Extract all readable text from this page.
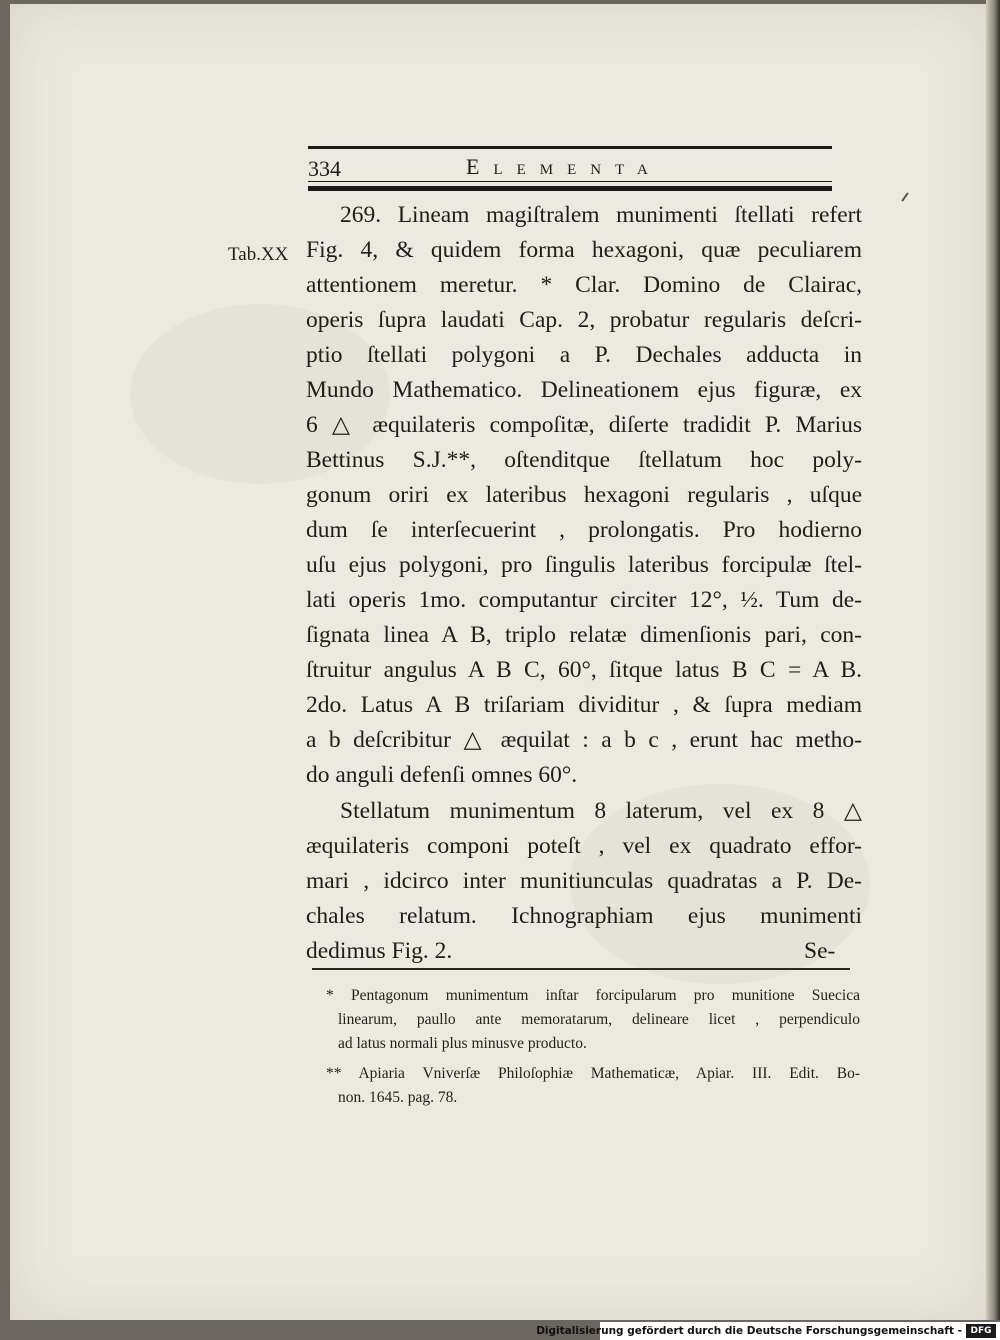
334	Elementa
Tab.XX
269. Lineam magiſtralem munimenti ſtellati refert
Fig. 4, & quidem forma hexagoni, quæ peculiarem
attentionem meretur. * Clar. Domino de Clairac,
operis ſupra laudati Cap. 2, probatur regularis deſcri-
ptio ſtellati polygoni a P. Dechales adducta in
Mundo Mathematico. Delineationem ejus figuræ, ex
6 △ æquilateris compoſitæ, diſerte tradidit P. Marius
Bettinus S.J.**, oſtenditque ſtellatum hoc poly-
gonum oriri ex lateribus hexagoni regularis , uſque
dum ſe interſecuerint , prolongatis. Pro hodierno
uſu ejus polygoni, pro ſingulis lateribus forcipulæ ſtel-
lati operis 1mo. computantur circiter 12°, ½. Tum de-
ſignata linea A B, triplo relatæ dimenſionis pari, con-
ſtruitur angulus A B C, 60°, ſitque latus B C = A B.
2do. Latus A B triſariam dividitur , & ſupra mediam
a b deſcribitur △ æquilat : a b c , erunt hac metho-
do anguli defenſi omnes 60°.
Stellatum munimentum 8 laterum, vel ex 8 △
æquilateris componi poteſt , vel ex quadrato effor-
mari , idcirco inter munitiunculas quadratas a P. De-
chales relatum. Ichnographiam ejus munimenti
dedimus Fig. 2.	Se-
* Pentagonum munimentum inſtar forcipularum pro munitione Suecica
linearum, paullo ante memoratarum, delineare licet , perpendiculo
ad latus normali plus minusve producto.
** Apiaria Vniverſæ Philoſophiæ Mathematicæ, Apiar. III. Edit. Bo-
non. 1645. pag. 78.
Digitalisierung gefördert durch die Deutsche Forschungsgemeinschaft - DFG
